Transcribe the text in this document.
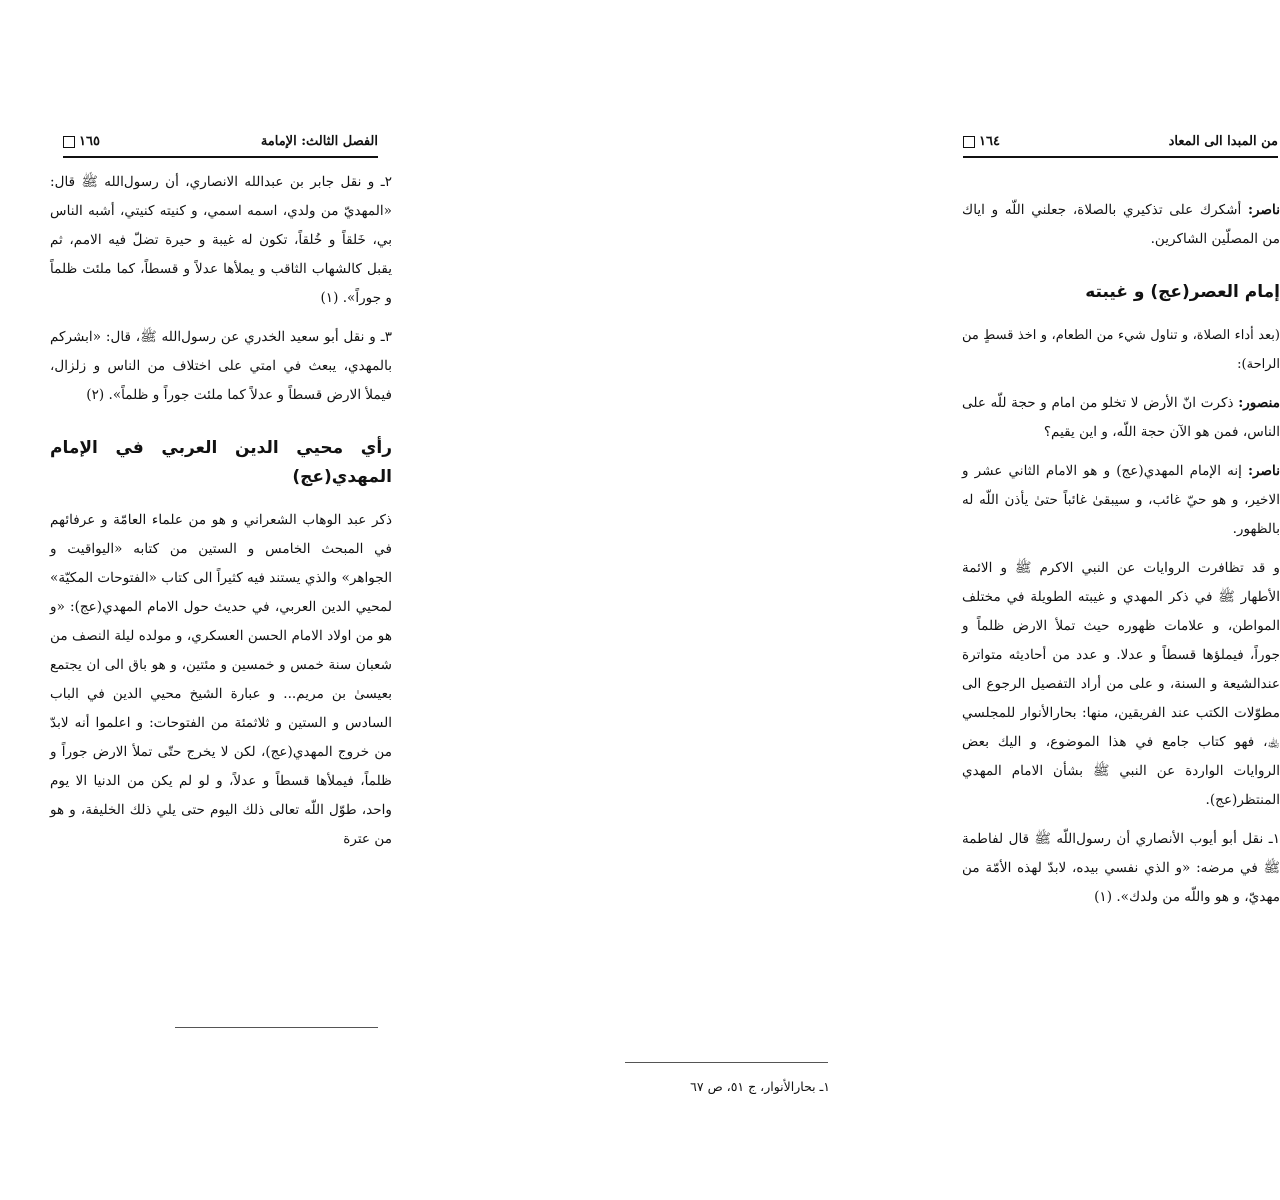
الفصل الثالث: الإمامة
١٦٥

٢ـ و نقل جابر بن عبدالله الانصاري، أن رسول‌الله ﷺ قال: «المهديّ من ولدي، اسمه اسمي، و كنيته كنيتي، أشبه الناس بي، خَلقاً و خُلقاً، تكون له غيبة و حيرة تضلّ فيه الامم، ثم يقبل كالشهاب الثاقب و يملأها عدلاً و قسطاً، كما ملئت ظلماً و جوراً». (١)

٣ـ و نقل أبو سعيد الخدري عن رسول‌الله ﷺ، قال: «ابشركم بالمهدي، يبعث في امتي على اختلاف من الناس و زلزال، فيملأ الارض قسطاً و عدلاً كما ملئت جوراً و ظلماً». (٢)

رأي محيي الدين العربي في الإمام المهدي(عج)

ذكر عبد الوهاب الشعراني و هو من علماء العامّة و عرفائهم في المبحث الخامس و الستين من كتابه «اليواقيت و الجواهر» والذي يستند فيه كثيراً الى كتاب «الفتوحات المكيّة» لمحيي الدين العربي، في حديث حول الامام المهدي(عج): «و هو من اولاد الامام الحسن العسكري، و مولده ليلة النصف من شعبان سنة خمس و خمسين و مئتين، و هو باق الى ان يجتمع بعيسىٰ بن مريم... و عبارة الشيخ محيي الدين في الباب السادس و الستين و ثلاثمئة من الفتوحات: و اعلموا أنه لابدّ من خروج المهدي(عج)، لكن لا يخرج حتّى تملأ الارض جوراً و ظلماً، فيملأها قسطاً و عدلاً، و لو لم يكن من الدنيا الا يوم واحد، طوّل اللّه تعالى ذلك اليوم حتى يلي ذلك الخليفة، و هو من عترة

من المبدا الى المعاد
١٦٤

ناصر: أشكرك على تذكيري بالصلاة، جعلني اللّه و اياك من المصلّين الشاكرين.

إمام العصر(عج) و غيبته

(بعد أداء الصلاة، و تناول شيء من الطعام، و اخذ قسطٍ من الراحة):

منصور: ذكرت انّ الأرض لا تخلو من امام و حجة للّه على الناس، فمن هو الآن حجة اللّه، و اين يقيم؟

ناصر: إنه الإمام المهدي(عج) و هو الامام الثاني عشر و الاخير، و هو حيّ غائب، و سيبقىٰ غائباً حتىٰ يأذن اللّه له بالظهور.

و قد تظافرت الروايات عن النبي الاكرم ﷺ و الائمة الأطهار ﷺ في ذكر المهدي و غيبته الطويلة في مختلف المواطن، و علامات ظهوره حيث تملأ الارض ظلماً و جوراً، فيملؤها قسطاً و عدلا. و عدد من أحاديثه متواترة عندالشيعة و السنة، و على من أراد التفصيل الرجوع الى مطوّلات الكتب عند الفريقين، منها: بحارالأنوار للمجلسي ﵀، فهو كتاب جامع في هذا الموضوع، و اليك بعض الروايات الواردة عن النبي ﷺ بشأن الامام المهدي المنتظر(عج).

١ـ نقل أبو أيوب الأنصاري أن رسول‌اللّه ﷺ قال لفاطمة ﷺ في مرضه: «و الذي نفسي بيده، لابدّ لهذه الأمّة من مهديّ، و هو واللّه من ولدك». (١)

١ـ بحارالأنوار، ج ٥١، ص ٦٧
